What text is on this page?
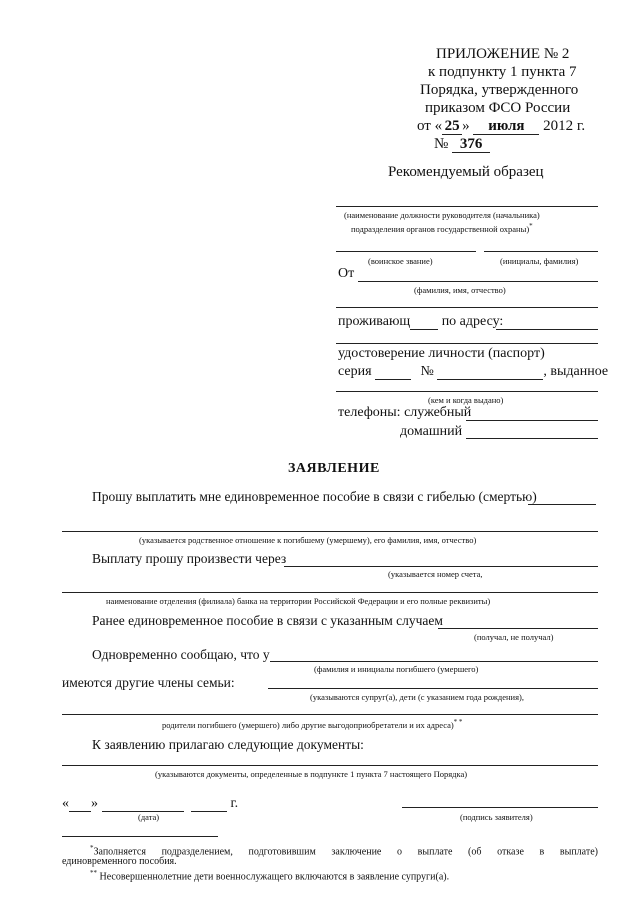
ПРИЛОЖЕНИЕ № 2
к подпункту 1 пункта 7
Порядка, утвержденного
приказом ФСО России
от « 25 » июля 2012 г.
№ 376
Рекомендуемый образец
(наименование должности руководителя (начальника)
подразделения органов государственной охраны)*
(воинское звание)	(инициалы, фамилия)
От
(фамилия, имя, отчество)
проживающ по адресу:
удостоверение личности (паспорт)
серия	№	, выданное
(кем и когда выдано)
телефоны: служебный
домашний
ЗАЯВЛЕНИЕ
Прошу выплатить мне единовременное пособие в связи с гибелью (смертью)
(указывается родственное отношение к погибшему (умершему), его фамилия, имя, отчество)
Выплату прошу произвести через
(указывается номер счета,
наименование отделения (филиала) банка на территории Российской Федерации и его полные реквизиты)
Ранее единовременное пособие в связи с указанным случаем
(получал, не получал)
Одновременно сообщаю, что у
(фамилия и инициалы погибшего (умершего)
имеются другие члены семьи:
(указываются супруг(а), дети (с указанием года рождения),
родители погибшего (умершего) либо другие выгодоприобретатели и их адреса)* *
К заявлению прилагаю следующие документы:
(указываются документы, определенные в подпункте 1 пункта 7 настоящего Порядка)
« »	г.
(дата)	(подпись заявителя)
*Заполняется подразделением, подготовившим заключение о выплате (об отказе в выплате)
единовременного пособия.
** Несовершеннолетние дети военнослужащего включаются в заявление супруги(а).
